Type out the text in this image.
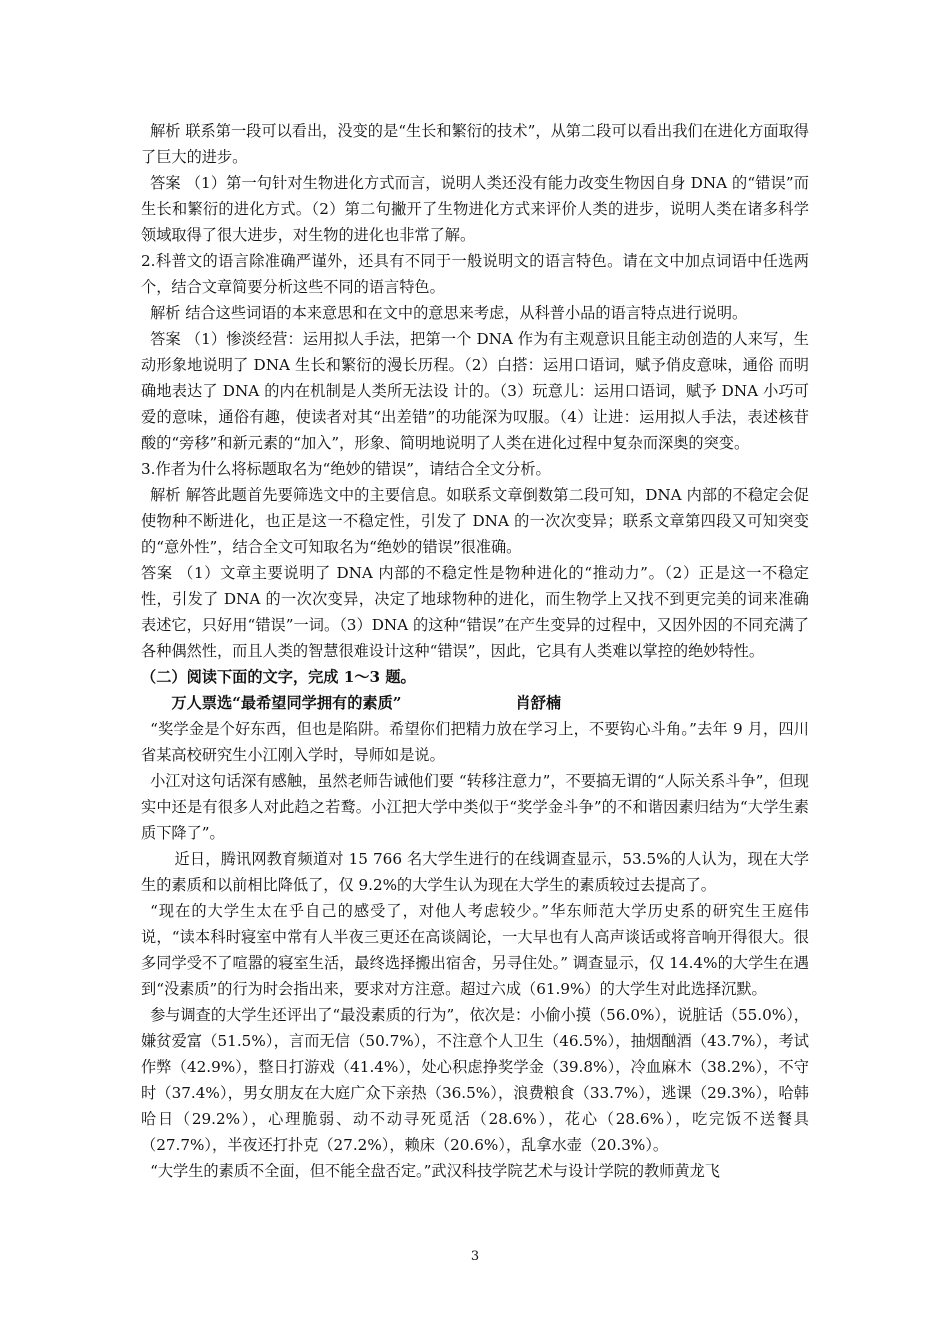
解析 联系第一段可以看出，没变的是“生长和繁衍的技术”，从第二段可以看出我们在进化方面取得了巨大的进步。

答案 （1）第一句针对生物进化方式而言，说明人类还没有能力改变生物因自身 DNA 的“错误”而生长和繁衍的进化方式。（2）第二句撇开了生物进化方式来评价人类的进步，说明人类在诸多科学领域取得了很大进步，对生物的进化也非常了解。

2.科普文的语言除准确严谨外，还具有不同于一般说明文的语言特色。请在文中加点词语中任选两个，结合文章简要分析这些不同的语言特色。

解析 结合这些词语的本来意思和在文中的意思来考虑，从科普小品的语言特点进行说明。

答案 （1）惨淡经营：运用拟人手法，把第一个 DNA 作为有主观意识且能主动创造的人来写，生动形象地说明了 DNA 生长和繁衍的漫长历程。（2）白搭：运用口语词，赋予俏皮意味，通俗 而明确地表达了 DNA 的内在机制是人类所无法设 计的。（3）玩意儿：运用口语词，赋予 DNA 小巧可爱的意味，通俗有趣，使读者对其“出差错”的功能深为叹服。（4）让进：运用拟人手法，表述核苷酸的“旁移”和新元素的“加入”，形象、简明地说明了人类在进化过程中复杂而深奥的突变。

3.作者为什么将标题取名为“绝妙的错误”，请结合全文分析。

解析 解答此题首先要筛选文中的主要信息。如联系文章倒数第二段可知，DNA 内部的不稳定会促使物种不断进化，也正是这一不稳定性，引发了 DNA 的一次次变异；联系文章第四段又可知突变的“意外性”，结合全文可知取名为“绝妙的错误”很准确。

答案 （1）文章主要说明了 DNA 内部的不稳定性是物种进化的“推动力”。（2）正是这一不稳定性，引发了 DNA 的一次次变异，决定了地球物种的进化，而生物学上又找不到更完美的词来准确表述它，只好用“错误”一词。（3）DNA 的这种“错误”在产生变异的过程中，又因外因的不同充满了各种偶然性，而且人类的智慧很难设计这种“错误”，因此，它具有人类难以掌控的绝妙特性。

（二）阅读下面的文字，完成 1～3 题。

万人票选“最希望同学拥有的素质”	肖舒楠

“奖学金是个好东西，但也是陷阱。希望你们把精力放在学习上，不要钩心斗角。”去年 9 月，四川省某高校研究生小江刚入学时，导师如是说。

小江对这句话深有感触，虽然老师告诫他们要 “转移注意力”，不要搞无谓的“人际关系斗争”，但现实中还是有很多人对此趋之若鹜。小江把大学中类似于“奖学金斗争”的不和谐因素归结为“大学生素质下降了”。

近日，腾讯网教育频道对 15 766 名大学生进行的在线调查显示，53.5%的人认为，现在大学生的素质和以前相比降低了，仅 9.2%的大学生认为现在大学生的素质较过去提高了。

“现在的大学生太在乎自己的感受了，对他人考虑较少。”华东师范大学历史系的研究生王庭伟说，“读本科时寝室中常有人半夜三更还在高谈阔论，一大早也有人高声谈话或将音响开得很大。很多同学受不了喧嚣的寝室生活，最终选择搬出宿舍，另寻住处。” 调查显示，仅 14.4%的大学生在遇到“没素质”的行为时会指出来，要求对方注意。超过六成（61.9%）的大学生对此选择沉默。

参与调查的大学生还评出了“最没素质的行为”，依次是：小偷小摸（56.0%），说脏话（55.0%），嫌贫爱富（51.5%），言而无信（50.7%），不注意个人卫生（46.5%），抽烟酗酒（43.7%），考试作弊（42.9%），整日打游戏（41.4%），处心积虑挣奖学金（39.8%），冷血麻木（38.2%），不守时（37.4%），男女朋友在大庭广众下亲热（36.5%），浪费粮食（33.7%），逃课（29.3%），哈韩哈日（29.2%），心理脆弱、动不动寻死觅活（28.6%），花心（28.6%），吃完饭不送餐具（27.7%），半夜还打扑克（27.2%），赖床（20.6%），乱拿水壶（20.3%）。

“大学生的素质不全面，但不能全盘否定。”武汉科技学院艺术与设计学院的教师黄龙飞

3
